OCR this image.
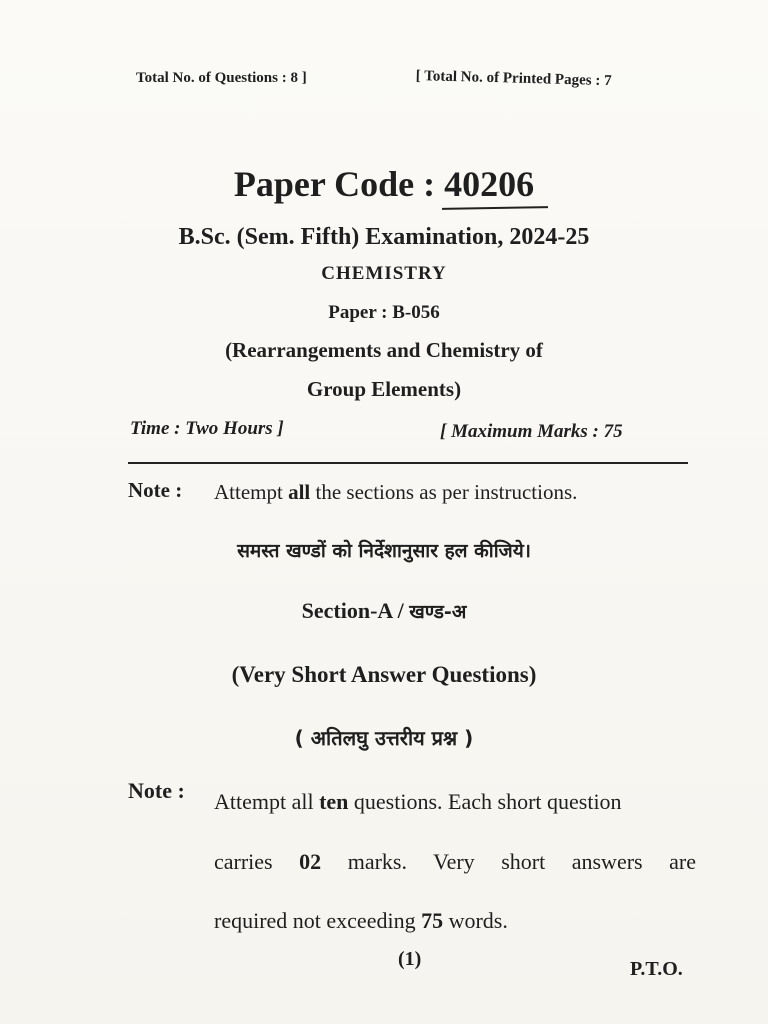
Total No. of Questions : 8 ]	[ Total No. of Printed Pages : 7
Paper Code : 40206
B.Sc. (Sem. Fifth) Examination, 2024-25
CHEMISTRY
Paper : B-056
(Rearrangements and Chemistry of
Group Elements)
Time : Two Hours ]	[ Maximum Marks : 75
Note : Attempt all the sections as per instructions.
समस्त खण्डों को निर्देशानुसार हल कीजिये।
Section-A / खण्ड-अ
(Very Short Answer Questions)
( अतिलघु उत्तरीय प्रश्न )
Note : Attempt all ten questions. Each short question
carries 02 marks. Very short answers are
required not exceeding 75 words.
(1)	P.T.O.
